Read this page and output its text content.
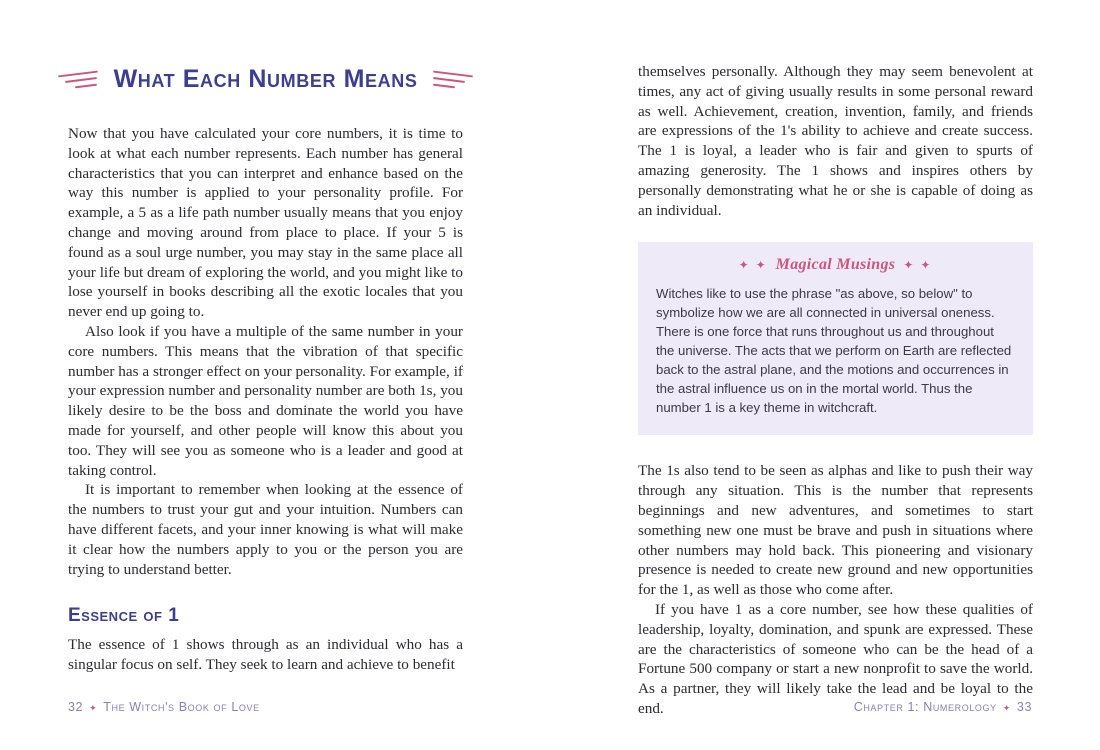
What Each Number Means

Now that you have calculated your core numbers, it is time to look at what each number represents. Each number has general characteristics that you can interpret and enhance based on the way this number is applied to your personality profile. For example, a 5 as a life path number usually means that you enjoy change and moving around from place to place. If your 5 is found as a soul urge number, you may stay in the same place all your life but dream of exploring the world, and you might like to lose yourself in books describing all the exotic locales that you never end up going to.

Also look if you have a multiple of the same number in your core numbers. This means that the vibration of that specific number has a stronger effect on your personality. For example, if your expression number and personality number are both 1s, you likely desire to be the boss and dominate the world you have made for yourself, and other people will know this about you too. They will see you as someone who is a leader and good at taking control.

It is important to remember when looking at the essence of the numbers to trust your gut and your intuition. Numbers can have different facets, and your inner knowing is what will make it clear how the numbers apply to you or the person you are trying to understand better.

Essence of 1

The essence of 1 shows through as an individual who has a singular focus on self. They seek to learn and achieve to benefit

themselves personally. Although they may seem benevolent at times, any act of giving usually results in some personal reward as well. Achievement, creation, invention, family, and friends are expressions of the 1's ability to achieve and create success. The 1 is loyal, a leader who is fair and given to spurts of amazing generosity. The 1 shows and inspires others by personally demonstrating what he or she is capable of doing as an individual.

✦ ✦ Magical Musings ✦ ✦

Witches like to use the phrase "as above, so below" to symbolize how we are all connected in universal oneness. There is one force that runs throughout us and throughout the universe. The acts that we perform on Earth are reflected back to the astral plane, and the motions and occurrences in the astral influence us on in the mortal world. Thus the number 1 is a key theme in witchcraft.

The 1s also tend to be seen as alphas and like to push their way through any situation. This is the number that represents beginnings and new adventures, and sometimes to start something new one must be brave and push in situations where other numbers may hold back. This pioneering and visionary presence is needed to create new ground and new opportunities for the 1, as well as those who come after.

If you have 1 as a core number, see how these qualities of leadership, loyalty, domination, and spunk are expressed. These are the characteristics of someone who can be the head of a Fortune 500 company or start a new nonprofit to save the world. As a partner, they will likely take the lead and be loyal to the end.

32 ✦ The Witch's Book of Love	Chapter 1: Numerology ✦ 33
